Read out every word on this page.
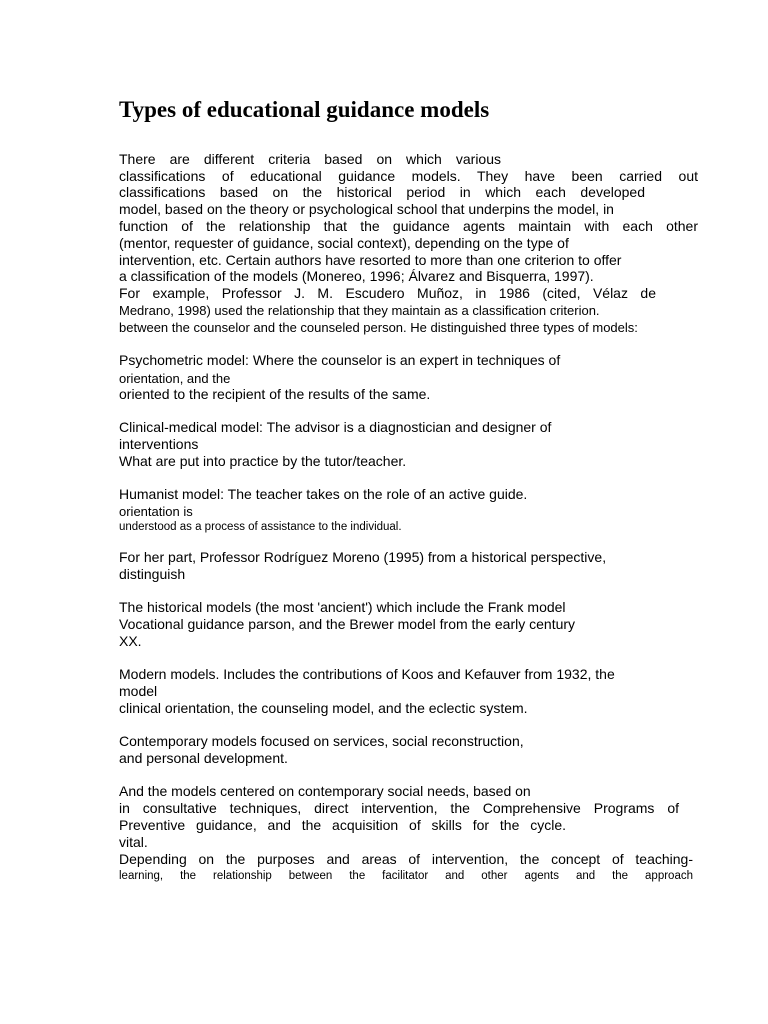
Types of educational guidance models

There are different criteria based on which various

classifications of educational guidance models. They have been carried out

classifications based on the historical period in which each developed

model, based on the theory or psychological school that underpins the model, in

function of the relationship that the guidance agents maintain with each other

(mentor, requester of guidance, social context), depending on the type of

intervention, etc. Certain authors have resorted to more than one criterion to offer

a classification of the models (Monereo, 1996; Álvarez and Bisquerra, 1997).

For example, Professor J. M. Escudero Muñoz, in 1986 (cited, Vélaz de

Medrano, 1998) used the relationship that they maintain as a classification criterion.

between the counselor and the counseled person. He distinguished three types of models:

Psychometric model: Where the counselor is an expert in techniques of

orientation, and the

oriented to the recipient of the results of the same.

Clinical-medical model: The advisor is a diagnostician and designer of

interventions

What are put into practice by the tutor/teacher.

Humanist model: The teacher takes on the role of an active guide.

orientation is

understood as a process of assistance to the individual.

For her part, Professor Rodríguez Moreno (1995) from a historical perspective,

distinguish

The historical models (the most 'ancient') which include the Frank model

Vocational guidance parson, and the Brewer model from the early century

XX.

Modern models. Includes the contributions of Koos and Kefauver from 1932, the

model

clinical orientation, the counseling model, and the eclectic system.

Contemporary models focused on services, social reconstruction,

and personal development.

And the models centered on contemporary social needs, based on

in consultative techniques, direct intervention, the Comprehensive Programs of

Preventive guidance, and the acquisition of skills for the cycle.

vital.

Depending on the purposes and areas of intervention, the concept of teaching-

learning, the relationship between the facilitator and other agents and the approach
